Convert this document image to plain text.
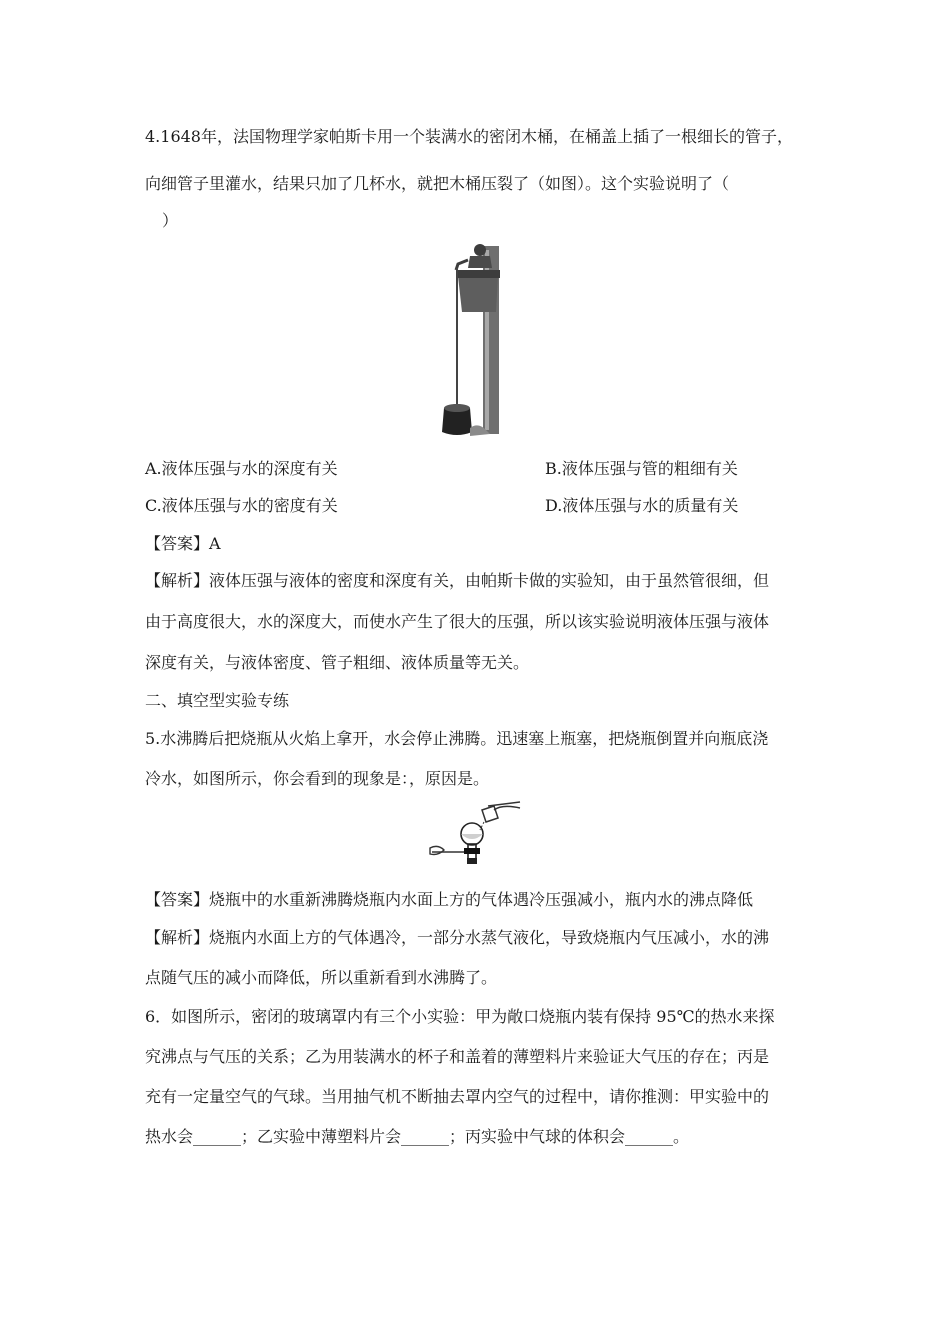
4.1648年，法国物理学家帕斯卡用一个装满水的密闭木桶，在桶盖上插了一根细长的管子，
向细管子里灌水，结果只加了几杯水，就把木桶压裂了（如图）。这个实验说明了（
）
A.液体压强与水的深度有关	B.液体压强与管的粗细有关
C.液体压强与水的密度有关	D.液体压强与水的质量有关
【答案】A
【解析】液体压强与液体的密度和深度有关，由帕斯卡做的实验知，由于虽然管很细，但
由于高度很大，水的深度大，而使水产生了很大的压强，所以该实验说明液体压强与液体
深度有关，与液体密度、管子粗细、液体质量等无关。
二、填空型实验专练
5.水沸腾后把烧瓶从火焰上拿开，水会停止沸腾。迅速塞上瓶塞，把烧瓶倒置并向瓶底浇
冷水，如图所示，你会看到的现象是：，原因是。
【答案】烧瓶中的水重新沸腾烧瓶内水面上方的气体遇冷压强减小，瓶内水的沸点降低
【解析】烧瓶内水面上方的气体遇冷，一部分水蒸气液化，导致烧瓶内气压减小，水的沸
点随气压的减小而降低，所以重新看到水沸腾了。
6．如图所示，密闭的玻璃罩内有三个小实验：甲为敞口烧瓶内装有保持 95℃的热水来探
究沸点与气压的关系；乙为用装满水的杯子和盖着的薄塑料片来验证大气压的存在；丙是
充有一定量空气的气球。当用抽气机不断抽去罩内空气的过程中，请你推测：甲实验中的
热水会______；乙实验中薄塑料片会______；丙实验中气球的体积会______。
